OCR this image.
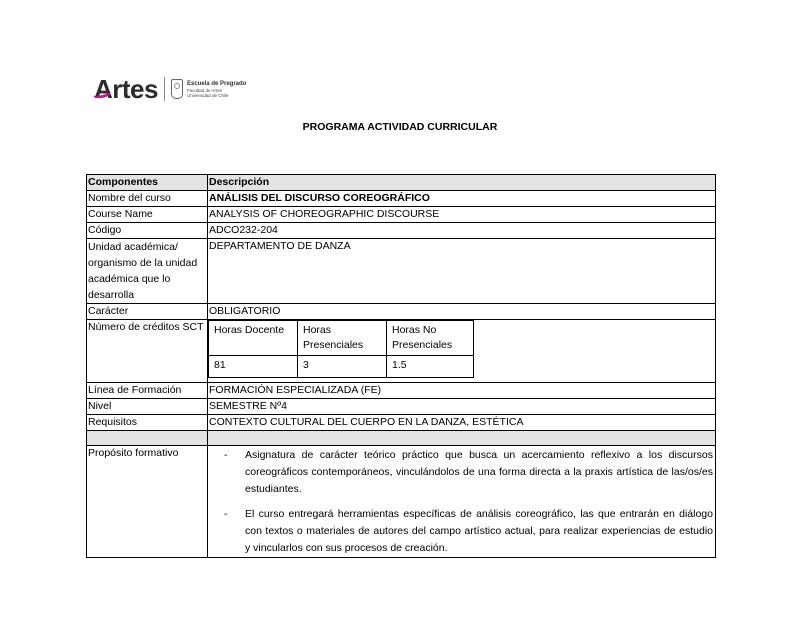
Artes	Escuela de Pregrado
Facultad de Artes
Universidad de Chile
PROGRAMA ACTIVIDAD CURRICULAR
Componentes	Descripción
Nombre del curso	ANÁLISIS DEL DISCURSO COREOGRÁFICO
Course Name	ANALYSIS OF CHOREOGRAPHIC DISCOURSE
Código	ADCO232-204
Unidad académica/ organismo de la unidad académica que lo desarrolla	DEPARTAMENTO DE DANZA
Carácter	OBLIGATORIO
Número de créditos SCT	Horas Docente	Horas Presenciales	Horas No Presenciales
81	3	1.5

Línea de Formación	FORMACIÓN ESPECIALIZADA (FE)
Nivel	SEMESTRE Nº4
Requisitos	CONTEXTO CULTURAL DEL CUERPO EN LA DANZA, ESTÉTICA

Propósito formativo	
-Asignatura de carácter teórico práctico que busca un acercamiento reflexivo a los discursos coreográficos contemporáneos, vinculándolos de una forma directa a la praxis artística de las/os/es estudiantes.
- El curso entregará herramientas específicas de análisis coreográfico, las que entrarán en diálogo con textos o materiales de autores del campo artístico actual, para realizar experiencias de estudio y vincularlos con sus procesos de creación.
